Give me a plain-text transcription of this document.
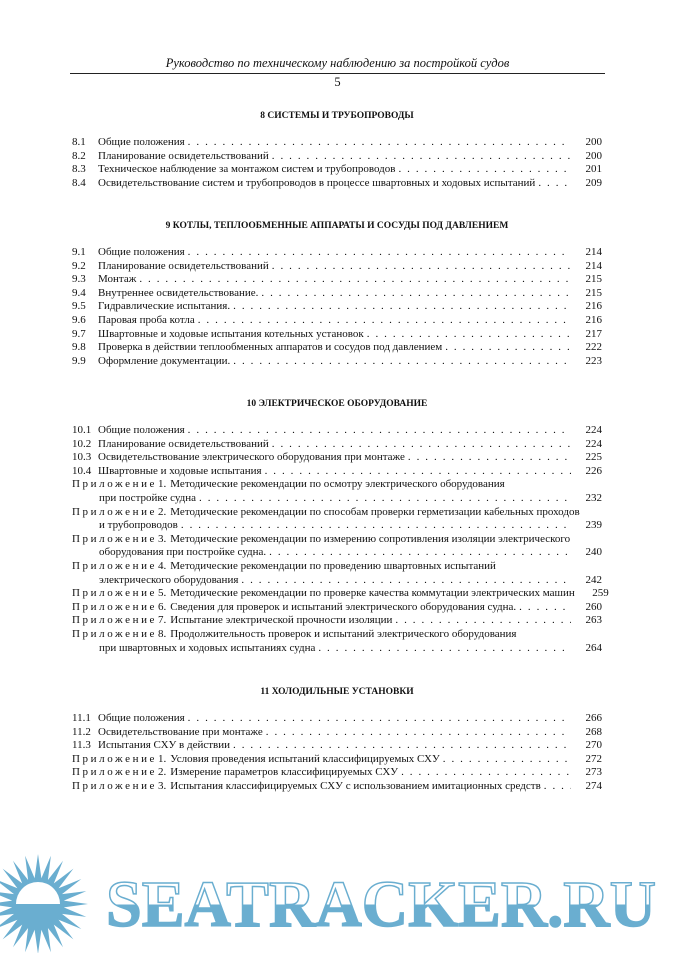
Руководство по техническому наблюдению за постройкой судов
5
8 СИСТЕМЫ И ТРУБОПРОВОДЫ
8.1	Общие положения . . .	200
8.2	Планирование освидетельствований . . .	200
8.3	Техническое наблюдение за монтажом систем и трубопроводов . . .	201
8.4	Освидетельствование систем и трубопроводов в процессе швартовных и ходовых испытаний . . .	209
9 КОТЛЫ, ТЕПЛООБМЕННЫЕ АППАРАТЫ И СОСУДЫ ПОД ДАВЛЕНИЕМ
9.1	Общие положения . . .	214
9.2	Планирование освидетельствований . . .	214
9.3	Монтаж . . .	215
9.4	Внутреннее освидетельствование. . . .	215
9.5	Гидравлические испытания. . . .	216
9.6	Паровая проба котла . . .	216
9.7	Швартовные и ходовые испытания котельных установок . . .	217
9.8	Проверка в действии теплообменных аппаратов и сосудов под давлением . . .	222
9.9	Оформление документации. . . .	223
10 ЭЛЕКТРИЧЕСКОЕ ОБОРУДОВАНИЕ
10.1 Общие положения . . .	224
10.2 Планирование освидетельствований . . .	224
10.3 Освидетельствование электрического оборудования при монтаже . . .	225
10.4 Швартовные и ходовые испытания . . .	226
Приложение 1. Методические рекомендации по осмотру электрического оборудования
при постройке судна . . .	232
Приложение 2. Методические рекомендации по способам проверки герметизации кабельных проходов
и трубопроводов . . .	239
Приложение 3. Методические рекомендации по измерению сопротивления изоляции электрического
оборудования при постройке судна. . . .	240
Приложение 4. Методические рекомендации по проведению швартовных испытаний
электрического оборудования . . .	242
Приложение 5. Методические рекомендации по проверке качества коммутации электрических машин	259
Приложение 6. Сведения для проверок и испытаний электрического оборудования судна. . . .	260
Приложение 7. Испытание электрической прочности изоляции . . .	263
Приложение 8. Продолжительность проверок и испытаний электрического оборудования
при швартовных и ходовых испытаниях судна . . .	264
11 ХОЛОДИЛЬНЫЕ УСТАНОВКИ
11.1 Общие положения . . .	266
11.2 Освидетельствование при монтаже . . .	268
11.3 Испытания СХУ в действии . . .	270
Приложение 1. Условия проведения испытаний классифицируемых СХУ . . .	272
Приложение 2. Измерение параметров классифицируемых СХУ . . .	273
Приложение 3. Испытания классифицируемых СХУ с использованием имитационных средств . . .	274
SEATRACKER.RU
